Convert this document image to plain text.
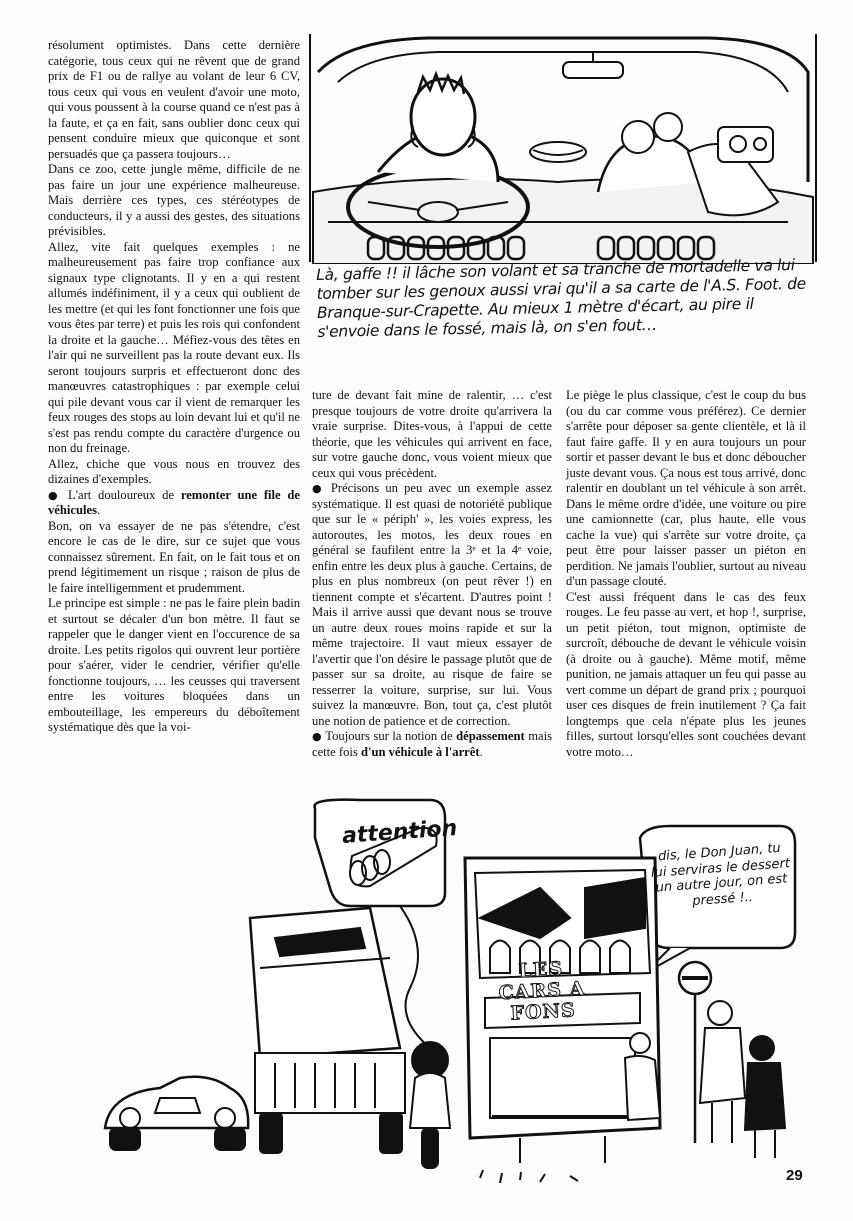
résolument optimistes. Dans cette dernière catégorie, tous ceux qui ne rêvent que de grand prix de F1 ou de rallye au volant de leur 6 CV, tous ceux qui vous en veulent d'avoir une moto, qui vous poussent à la course quand ce n'est pas à la faute, et ça en fait, sans oublier donc ceux qui pensent conduire mieux que quiconque et sont persuadés que ça passera toujours…

Dans ce zoo, cette jungle même, difficile de ne pas faire un jour une expérience malheureuse. Mais derrière ces types, ces stéréotypes de conducteurs, il y a aussi des gestes, des situations prévisibles.

Allez, vite fait quelques exemples : ne malheureusement pas faire trop confiance aux signaux type clignotants. Il y en a qui restent allumés indéfiniment, il y a ceux qui oublient de les mettre (et qui les font fonctionner une fois que vous êtes par terre) et puis les rois qui confondent la droite et la gauche… Méfiez-vous des têtes en l'air qui ne surveillent pas la route devant eux. Ils seront toujours surpris et effectueront donc des manœuvres catastrophiques : par exemple celui qui pile devant vous car il vient de remarquer les feux rouges des stops au loin devant lui et qu'il ne s'est pas rendu compte du caractère d'urgence ou non du freinage.

Allez, chiche que vous nous en trouvez des dizaines d'exemples.

● L'art douloureux de remonter une file de véhicules.

Bon, on va essayer de ne pas s'étendre, c'est encore le cas de le dire, sur ce sujet que vous connaissez sûrement. En fait, on le fait tous et on prend légitimement un risque ; raison de plus de le faire intelligemment et prudemment.

Le principe est simple : ne pas le faire plein badin et surtout se décaler d'un bon mètre. Il faut se rappeler que le danger vient en l'occurence de sa droite. Les petits rigolos qui ouvrent leur portière pour s'aérer, vider le cendrier, vérifier qu'elle fonctionne toujours, … les ceusses qui traversent entre les voitures bloquées dans un embouteillage, les empereurs du déboîtement systématique dès que la voi-

ture de devant fait mine de ralentir, … c'est presque toujours de votre droite qu'arrivera la vraie surprise. Dites-vous, à l'appui de cette théorie, que les véhicules qui arrivent en face, sur votre gauche donc, vous voient mieux que ceux qui vous précèdent.

● Précisons un peu avec un exemple assez systématique. Il est quasi de notoriété publique que sur le « périph' », les voies express, les autoroutes, les motos, les deux roues en général se faufilent entre la 3ᵉ et la 4ᵉ voie, enfin entre les deux plus à gauche. Certains, de plus en plus nombreux (on peut rêver !) en tiennent compte et s'écartent. D'autres point ! Mais il arrive aussi que devant nous se trouve un autre deux roues moins rapide et sur la même trajectoire. Il vaut mieux essayer de l'avertir que l'on désire le passage plutôt que de passer sur sa droite, au risque de faire se resserrer la voiture, surprise, sur lui. Vous suivez la manœuvre. Bon, tout ça, c'est plutôt une notion de patience et de correction.

● Toujours sur la notion de dépassement mais cette fois d'un véhicule à l'arrêt.

Le piège le plus classique, c'est le coup du bus (ou du car comme vous préférez). Ce dernier s'arrête pour déposer sa gente clientèle, et là il faut faire gaffe. Il y en aura toujours un pour sortir et passer devant le bus et donc déboucher juste devant vous. Ça nous est tous arrivé, donc ralentir en doublant un tel véhicule à son arrêt. Dans le même ordre d'idée, une voiture ou pire une camionnette (car, plus haute, elle vous cache la vue) qui s'arrête sur votre droite, ça peut être pour laisser passer un piéton en perdition. Ne jamais l'oublier, surtout au niveau d'un passage clouté.

C'est aussi fréquent dans le cas des feux rouges. Le feu passe au vert, et hop !, surprise, un petit piéton, tout mignon, optimiste de surcroît, débouche de devant le véhicule voisin (à droite ou à gauche). Même motif, même punition, ne jamais attaquer un feu qui passe au vert comme un départ de grand prix ; pourquoi user ces disques de frein inutilement ? Ça fait longtemps que cela n'épate plus les jeunes filles, surtout lorsqu'elles sont couchées devant votre moto…

Là, gaffe !! il lâche son volant et sa tranche de mortadelle va lui tomber sur les genoux aussi vrai qu'il a sa carte de l'A.S. Foot. de Branque-sur-Crapette. Au mieux 1 mètre d'écart, au pire il s'envoie dans le fossé, mais là, on s'en fout…
attention
dis, le Don Juan, tu lui serviras le dessert un autre jour, on est pressé !..
LES CARS A FONS
29
